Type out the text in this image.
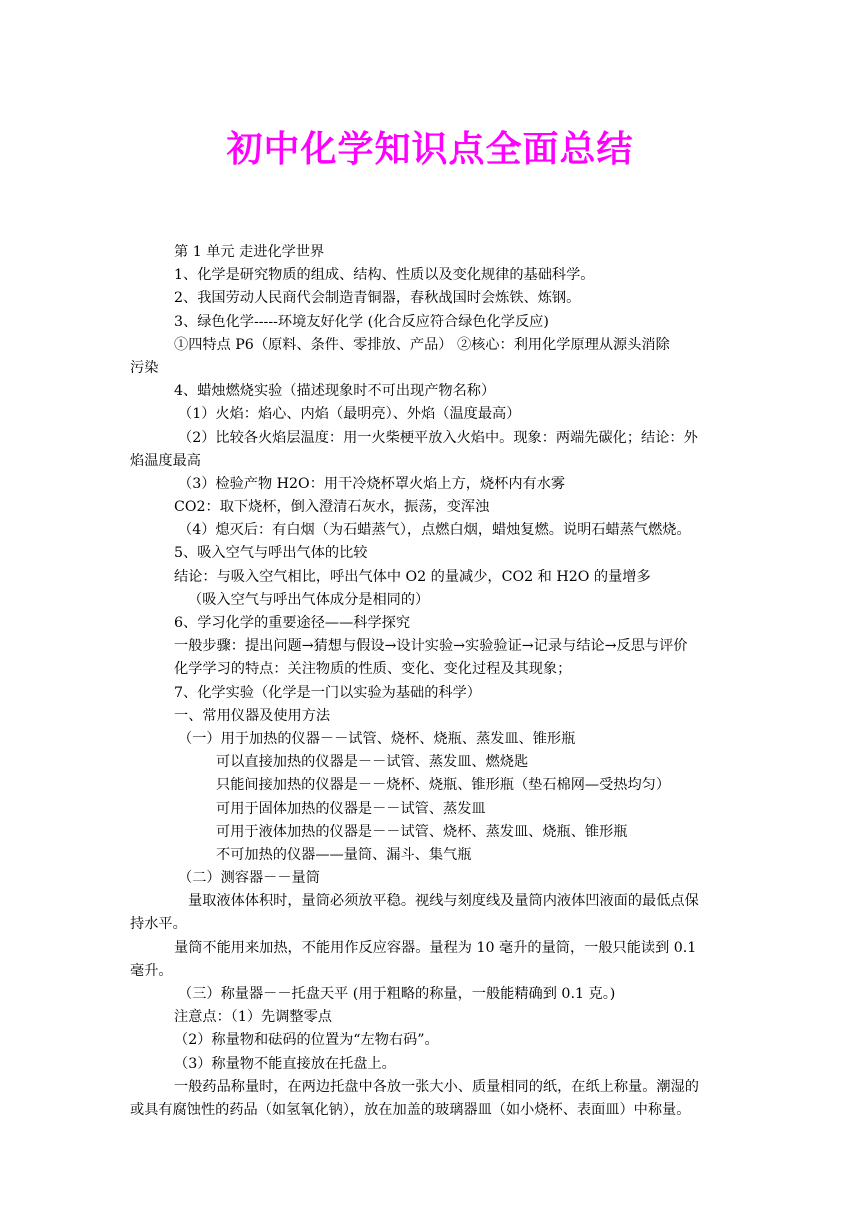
初中化学知识点全面总结
第 1 单元 走进化学世界
1、化学是研究物质的组成、结构、性质以及变化规律的基础科学。
2、我国劳动人民商代会制造青铜器，春秋战国时会炼铁、炼钢。
3、绿色化学-----环境友好化学 (化合反应符合绿色化学反应)
①四特点 P6（原料、条件、零排放、产品） ②核心：利用化学原理从源头消除
污染
4、蜡烛燃烧实验（描述现象时不可出现产物名称）
（1）火焰：焰心、内焰（最明亮）、外焰（温度最高）
（2）比较各火焰层温度：用一火柴梗平放入火焰中。现象：两端先碳化；结论：外
焰温度最高
（3）检验产物 H2O：用干冷烧杯罩火焰上方，烧杯内有水雾
CO2：取下烧杯，倒入澄清石灰水，振荡，变浑浊
（4）熄灭后：有白烟（为石蜡蒸气），点燃白烟，蜡烛复燃。说明石蜡蒸气燃烧。
5、吸入空气与呼出气体的比较
结论：与吸入空气相比，呼出气体中 O2 的量减少，CO2 和 H2O 的量增多
（吸入空气与呼出气体成分是相同的）
6、学习化学的重要途径——科学探究
一般步骤：提出问题→猜想与假设→设计实验→实验验证→记录与结论→反思与评价
化学学习的特点：关注物质的性质、变化、变化过程及其现象；
7、化学实验（化学是一门以实验为基础的科学）
一、常用仪器及使用方法
（一）用于加热的仪器－－试管、烧杯、烧瓶、蒸发皿、锥形瓶
可以直接加热的仪器是－－试管、蒸发皿、燃烧匙
只能间接加热的仪器是－－烧杯、烧瓶、锥形瓶（垫石棉网—受热均匀）
可用于固体加热的仪器是－－试管、蒸发皿
可用于液体加热的仪器是－－试管、烧杯、蒸发皿、烧瓶、锥形瓶
不可加热的仪器——量筒、漏斗、集气瓶
（二）测容器－－量筒
量取液体体积时，量筒必须放平稳。视线与刻度线及量筒内液体凹液面的最低点保
持水平。
量筒不能用来加热，不能用作反应容器。量程为 10 毫升的量筒，一般只能读到 0.1
毫升。
（三）称量器－－托盘天平 (用于粗略的称量，一般能精确到 0.1 克。)
注意点：（1）先调整零点
（2）称量物和砝码的位置为“左物右码”。
（3）称量物不能直接放在托盘上。
一般药品称量时，在两边托盘中各放一张大小、质量相同的纸，在纸上称量。潮湿的
或具有腐蚀性的药品（如氢氧化钠），放在加盖的玻璃器皿（如小烧杯、表面皿）中称量。
